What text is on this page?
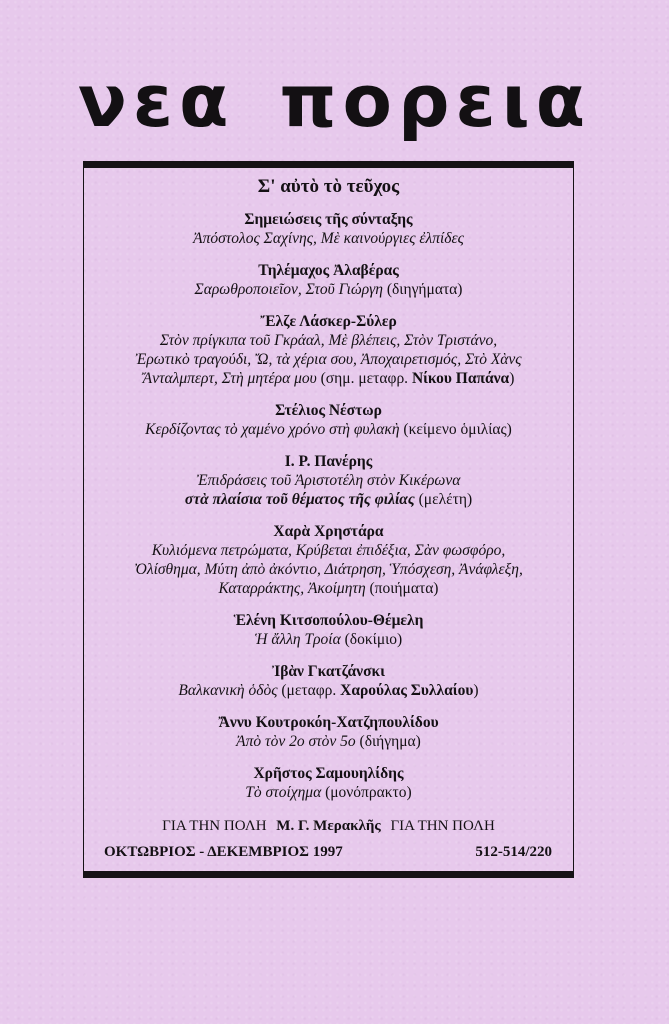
νεα πορεια
Σ' αὐτὸ τὸ τεῦχος
Σημειώσεις τῆς σύνταξης
Ἀπόστολος Σαχίνης, Μὲ καινούργιες ἐλπίδες
Τηλέμαχος Ἀλαβέρας
Σαρωθροποιεῖον, Στοῦ Γιώργη (διηγήματα)
Ἔλζε Λάσκερ-Σύλερ
Στὸν πρίγκιπα τοῦ Γκράαλ, Μὲ βλέπεις, Στὸν Τριστάνο,
Ἐρωτικὸ τραγούδι, Ὤ, τὰ χέρια σου, Ἀποχαιρετισμός, Στὸ Χὰνς
Ἄνταλμπερτ, Στὴ μητέρα μου (σημ. μεταφρ. Νίκου Παπάνα)
Στέλιος Νέστωρ
Κερδίζοντας τὸ χαμένο χρόνο στὴ φυλακὴ (κείμενο ὁμιλίας)
Ι. Ρ. Πανέρης
Ἐπιδράσεις τοῦ Ἀριστοτέλη στὸν Κικέρωνα
στὰ πλαίσια τοῦ θέματος τῆς φιλίας (μελέτη)
Χαρὰ Χρηστάρα
Κυλιόμενα πετρώματα, Κρύβεται ἐπιδέξια, Σὰν φωσφόρο,
Ὀλίσθημα, Μύτη ἀπὸ ἀκόντιο, Διάτρηση, Ὑπόσχεση, Ἀνάφλεξη,
Καταρράκτης, Ἀκοίμητη (ποιήματα)
Ἑλένη Κιτσοπούλου-Θέμελη
Ἡ ἄλλη Τροία (δοκίμιο)
Ἰβὰν Γκατζάνσκι
Βαλκανικὴ ὁδὸς (μεταφρ. Χαρούλας Συλλαίου)
Ἄννυ Κουτροκόη-Χατζηπουλίδου
Ἀπὸ τὸν 2ο στὸν 5ο (διήγημα)
Χρῆστος Σαμουηλίδης
Τὸ στοίχημα (μονόπρακτο)
ΓΙΑ ΤΗΝ ΠΟΛΗ Μ. Γ. Μερακλῆς ΓΙΑ ΤΗΝ ΠΟΛΗ
ΟΚΤΩΒΡΙΟΣ - ΔΕΚΕΜΒΡΙΟΣ 1997	512-514/220
